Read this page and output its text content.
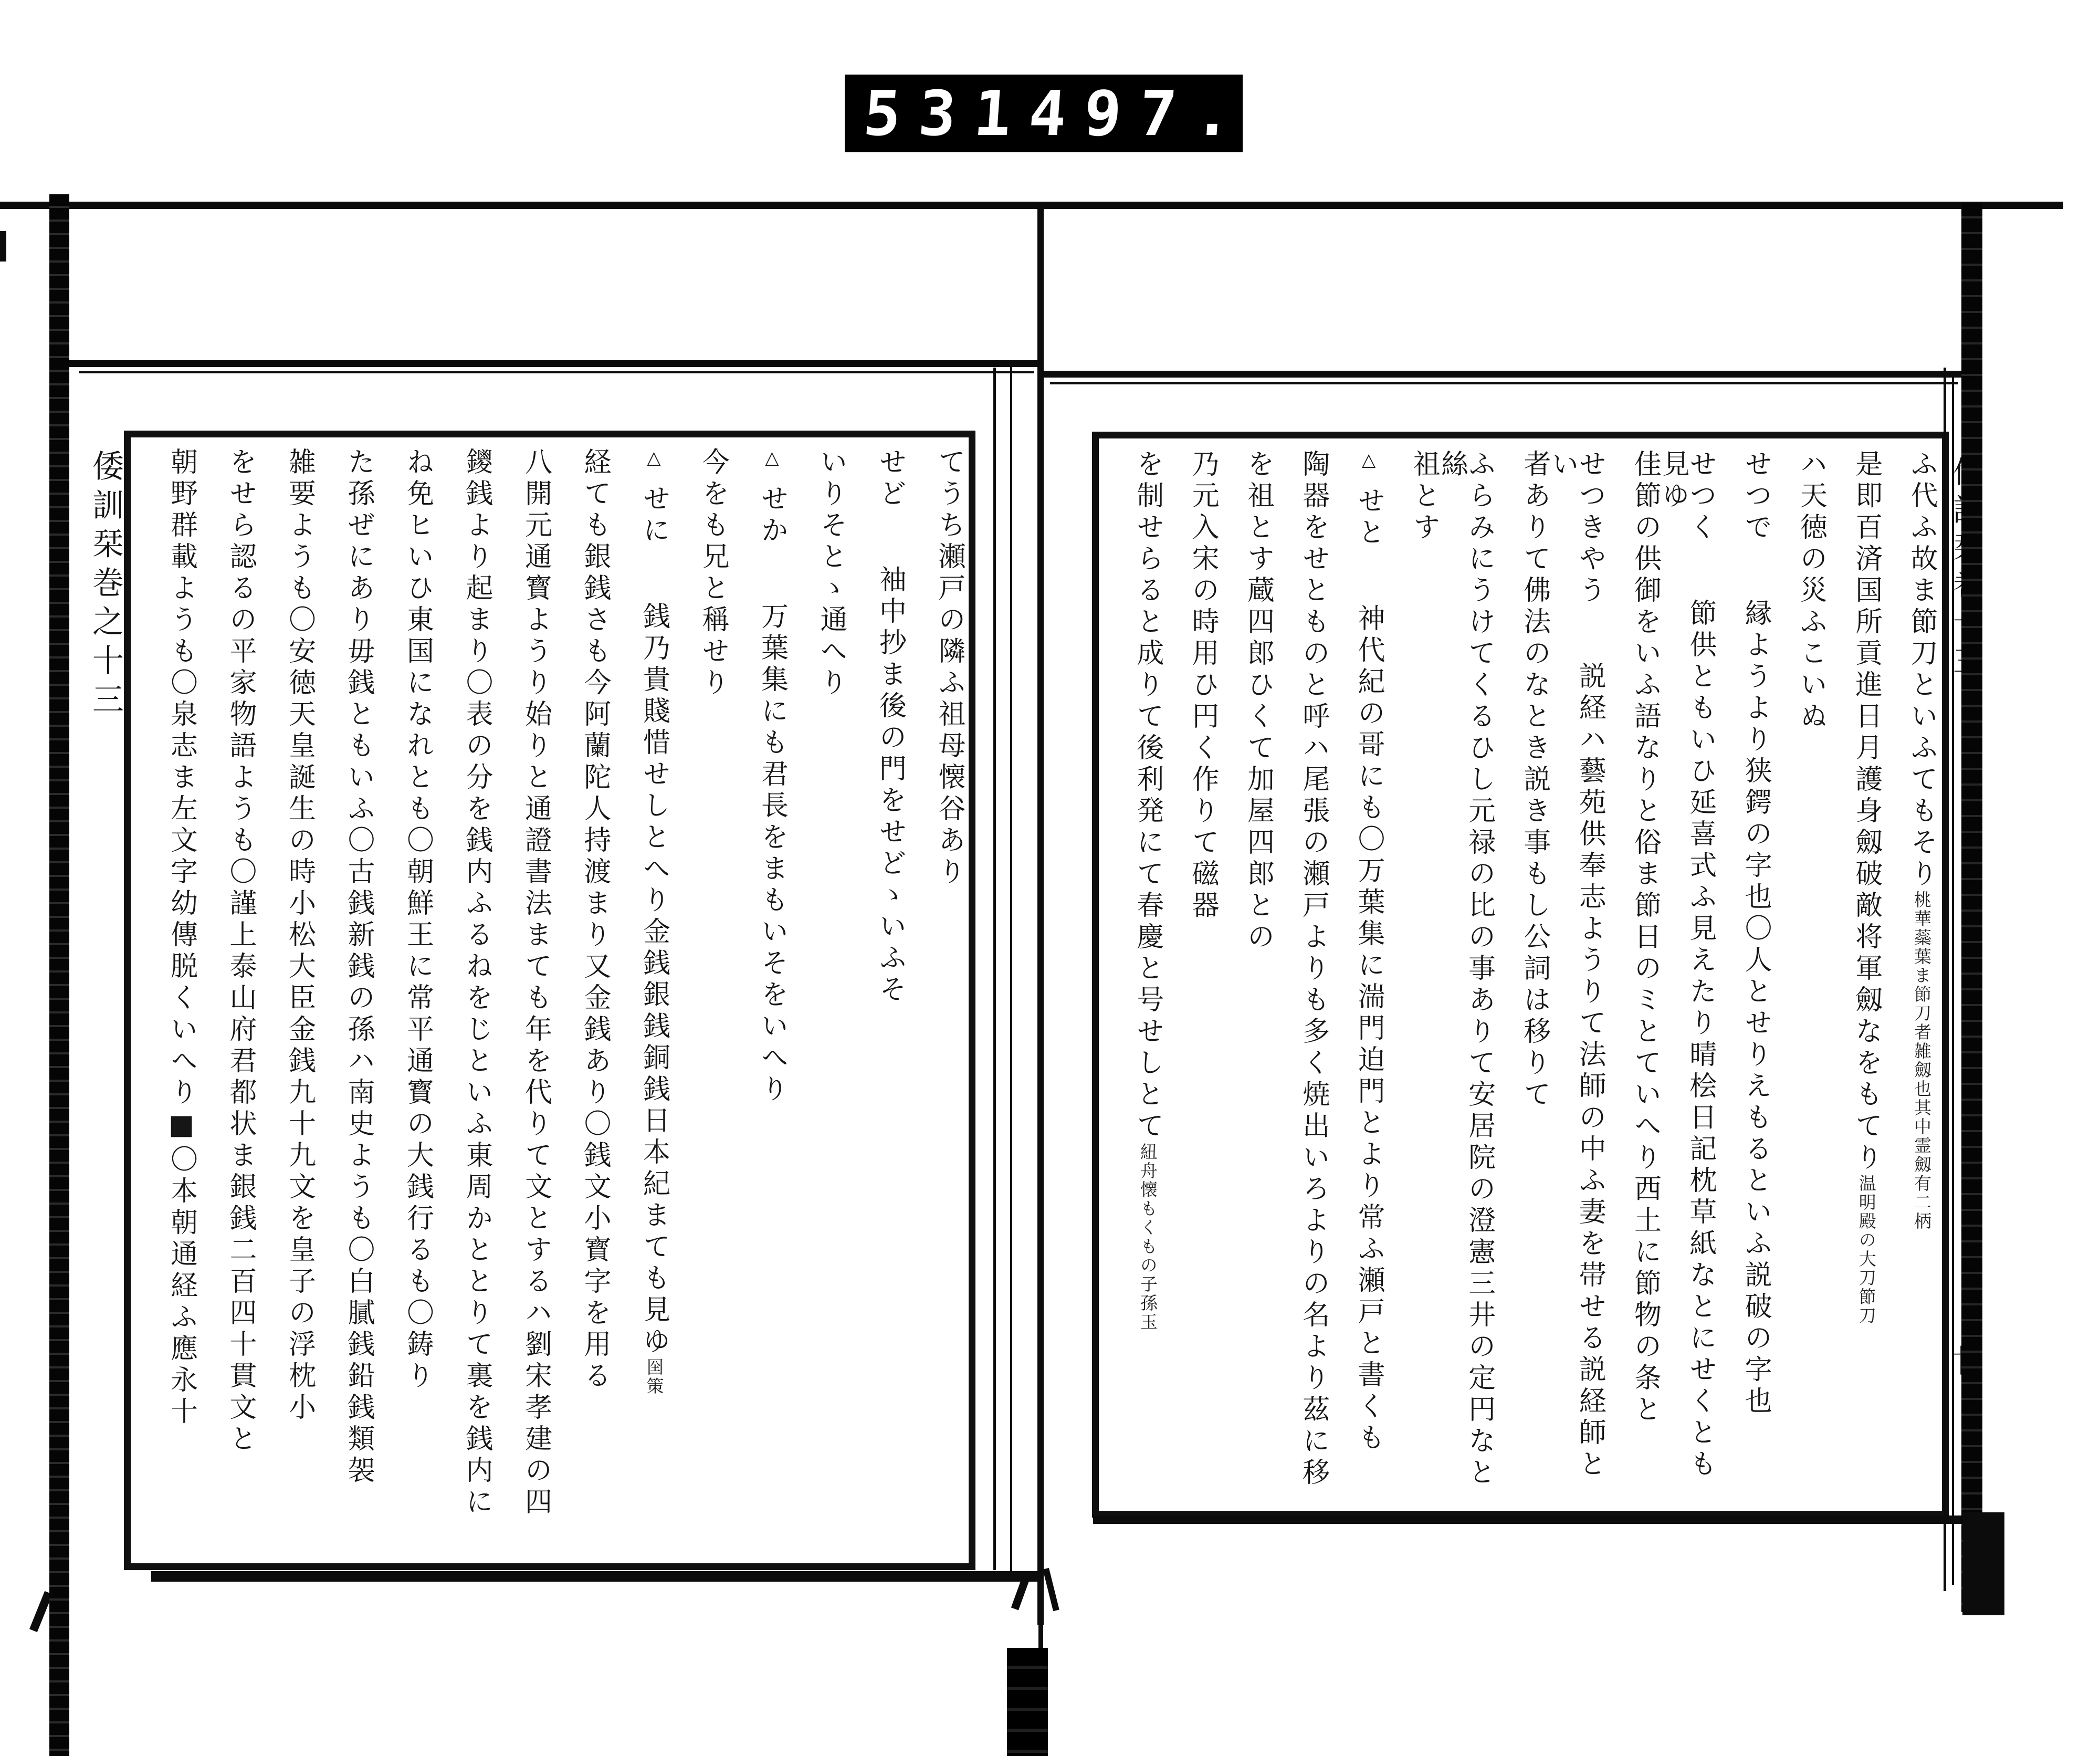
531
497.
倭訓栞巻之十三	ふ代ふ故ま節刀といふてもそり桃華蘂葉ま節刀者雑劔也其中霊劔有二柄
是即百済国所貢進日月護身劔破敵将軍劔なをもてり温明殿の大刀節刀
ハ天徳の災ふこいぬ
せつで縁ようより狭鍔の字也〇人とせりえもるといふ説破の字也
せつく節供ともいひ延喜式ふ見えたり晴桧日記枕草紙なとにせくとも見ゆ
佳節の供御をいふ語なりと俗ま節日のミとていへり西土に節物の条と
せつきやう説経ハ藝苑供奉志ようりて法師の中ふ妻を帯せる説経師とい
者ありて佛法のなとき説き事もし公詞は移りて
ふらみにうけてくるひし元禄の比の事ありて安居院の澄憲三井の定円なと絲
祖とす
△せと神代紀の哥にも〇万葉集に湍門迫門とより常ふ瀬戸と書くも
陶器をせとものと呼ハ尾張の瀬戸よりも多く焼出いろよりの名より茲に移
を祖とす蔵四郎ひくて加屋四郎との
乃元入宋の時用ひ円く作りて磁器
を制せらると成りて後利発にて春慶と号せしとて紐舟懐もくもの子孫玉
てうち瀬戸の隣ふ祖母懐谷あり
せど袖中抄ま後の門をせどゝいふそ
いりそとゝ通へり
△せか万葉集にも君長をまもいそをいへり
今をも兄と稱せり
△せに銭乃貴賤惜せしとへり金銭銀銭銅銭日本紀まても見ゆ囶策
経ても銀銭さも今阿蘭陀人持渡まり又金銭あり〇銭文小寳字を用る
八開元通寳ようり始りと通證書法まても年を代りて文とするハ劉宋孝建の四
鑁銭より起まり〇表の分を銭内ふるねをじといふ東周かととりて裏を銭内に
ね免ヒいひ東国になれとも〇朝鮮王に常平通寳の大銭行るも〇鋳り
た孫ぜにあり毋銭ともいふ〇古銭新銭の孫ハ南史ようも〇白膩銭鉛銭類袈
雑要ようも〇安徳天皇誕生の時小松大臣金銭九十九文を皇子の浮枕小
をせら認るの平家物語ようも〇謹上泰山府君都状ま銀銭二百四十貫文と
朝野群載ようも〇泉志ま左文字幼傳脱くいへり■〇本朝通経ふ應永十
